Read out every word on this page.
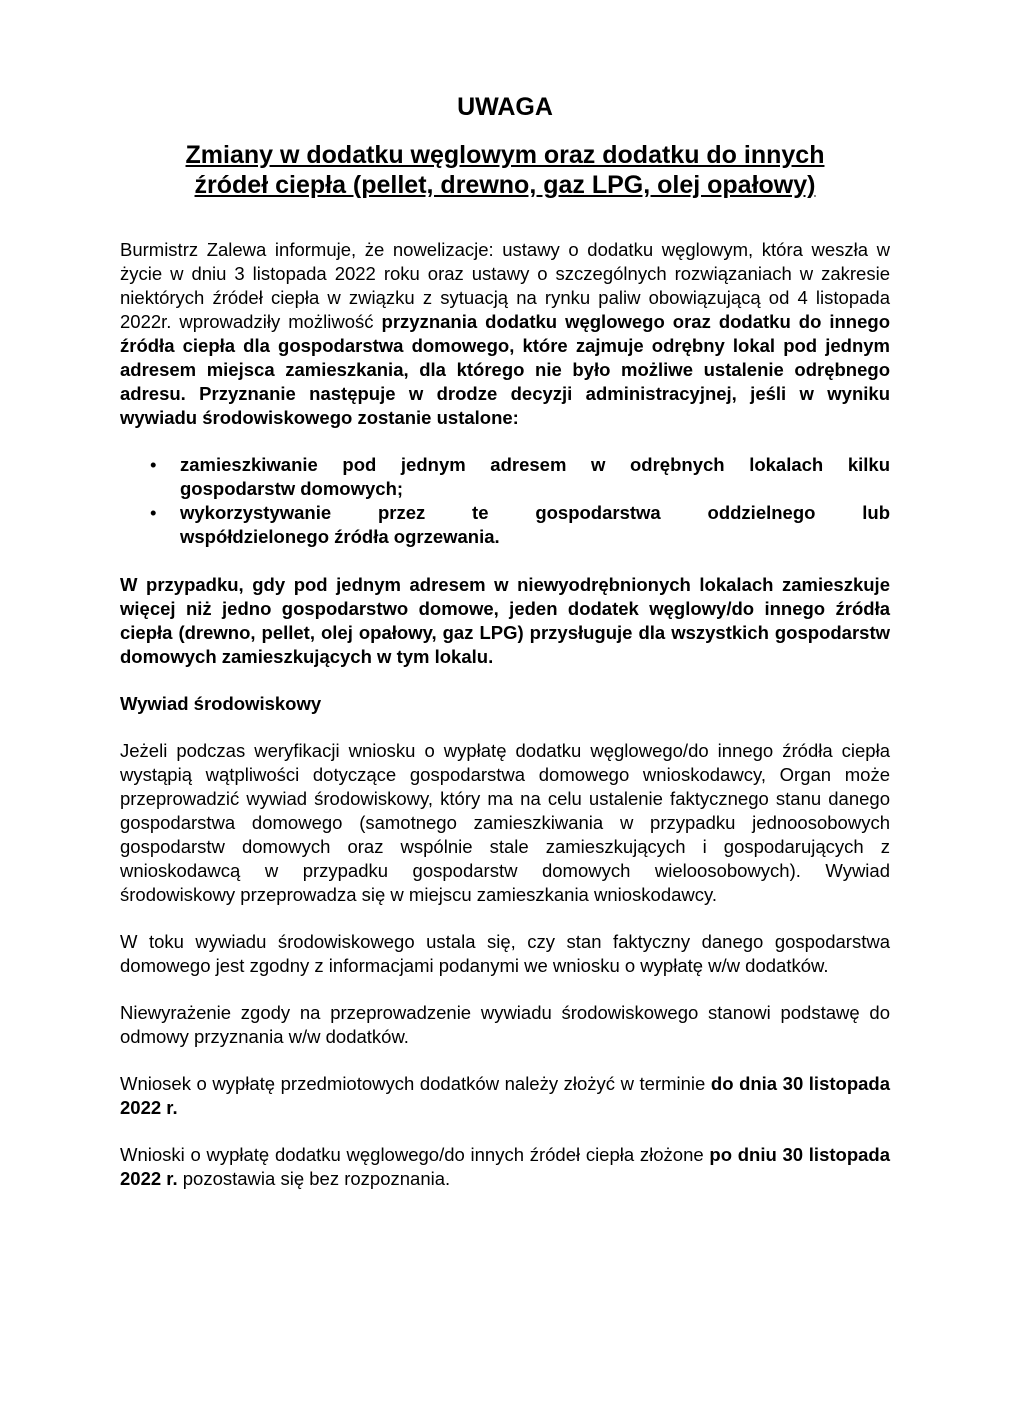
UWAGA
Zmiany w dodatku węglowym oraz dodatku do innych
źródeł ciepła (pellet, drewno, gaz LPG, olej opałowy)

Burmistrz Zalewa informuje, że nowelizacje: ustawy o dodatku węglowym, która weszła w życie w dniu 3 listopada 2022 roku oraz ustawy o szczególnych rozwiązaniach w zakresie niektórych źródeł ciepła w związku z sytuacją na rynku paliw obowiązującą od 4 listopada 2022r. wprowadziły możliwość przyznania dodatku węglowego oraz dodatku do innego źródła ciepła dla gospodarstwa domowego, które zajmuje odrębny lokal pod jednym adresem miejsca zamieszkania, dla którego nie było możliwe ustalenie odrębnego adresu. Przyznanie następuje w drodze decyzji administracyjnej, jeśli w wyniku wywiadu środowiskowego zostanie ustalone:

• zamieszkiwanie pod jednym adresem w odrębnych lokalach kilku
gospodarstw domowych;
• wykorzystywanie przez te gospodarstwa oddzielnego lub
współdzielonego źródła ogrzewania.

W przypadku, gdy pod jednym adresem w niewyodrębnionych lokalach zamieszkuje więcej niż jedno gospodarstwo domowe, jeden dodatek węglowy/do innego źródła ciepła (drewno, pellet, olej opałowy, gaz LPG) przysługuje dla wszystkich gospodarstw domowych zamieszkujących w tym lokalu.

Wywiad środowiskowy

Jeżeli podczas weryfikacji wniosku o wypłatę dodatku węglowego/do innego źródła ciepła wystąpią wątpliwości dotyczące gospodarstwa domowego wnioskodawcy, Organ może przeprowadzić wywiad środowiskowy, który ma na celu ustalenie faktycznego stanu danego gospodarstwa domowego (samotnego zamieszkiwania w przypadku jednoosobowych gospodarstw domowych oraz wspólnie stale zamieszkujących i gospodarujących z wnioskodawcą w przypadku gospodarstw domowych wieloosobowych). Wywiad środowiskowy przeprowadza się w miejscu zamieszkania wnioskodawcy.

W toku wywiadu środowiskowego ustala się, czy stan faktyczny danego gospodarstwa domowego jest zgodny z informacjami podanymi we wniosku o wypłatę w/w dodatków.

Niewyrażenie zgody na przeprowadzenie wywiadu środowiskowego stanowi podstawę do odmowy przyznania w/w dodatków.

Wniosek o wypłatę przedmiotowych dodatków należy złożyć w terminie do dnia 30 listopada 2022 r.

Wnioski o wypłatę dodatku węglowego/do innych źródeł ciepła złożone po dniu 30 listopada 2022 r. pozostawia się bez rozpoznania.
